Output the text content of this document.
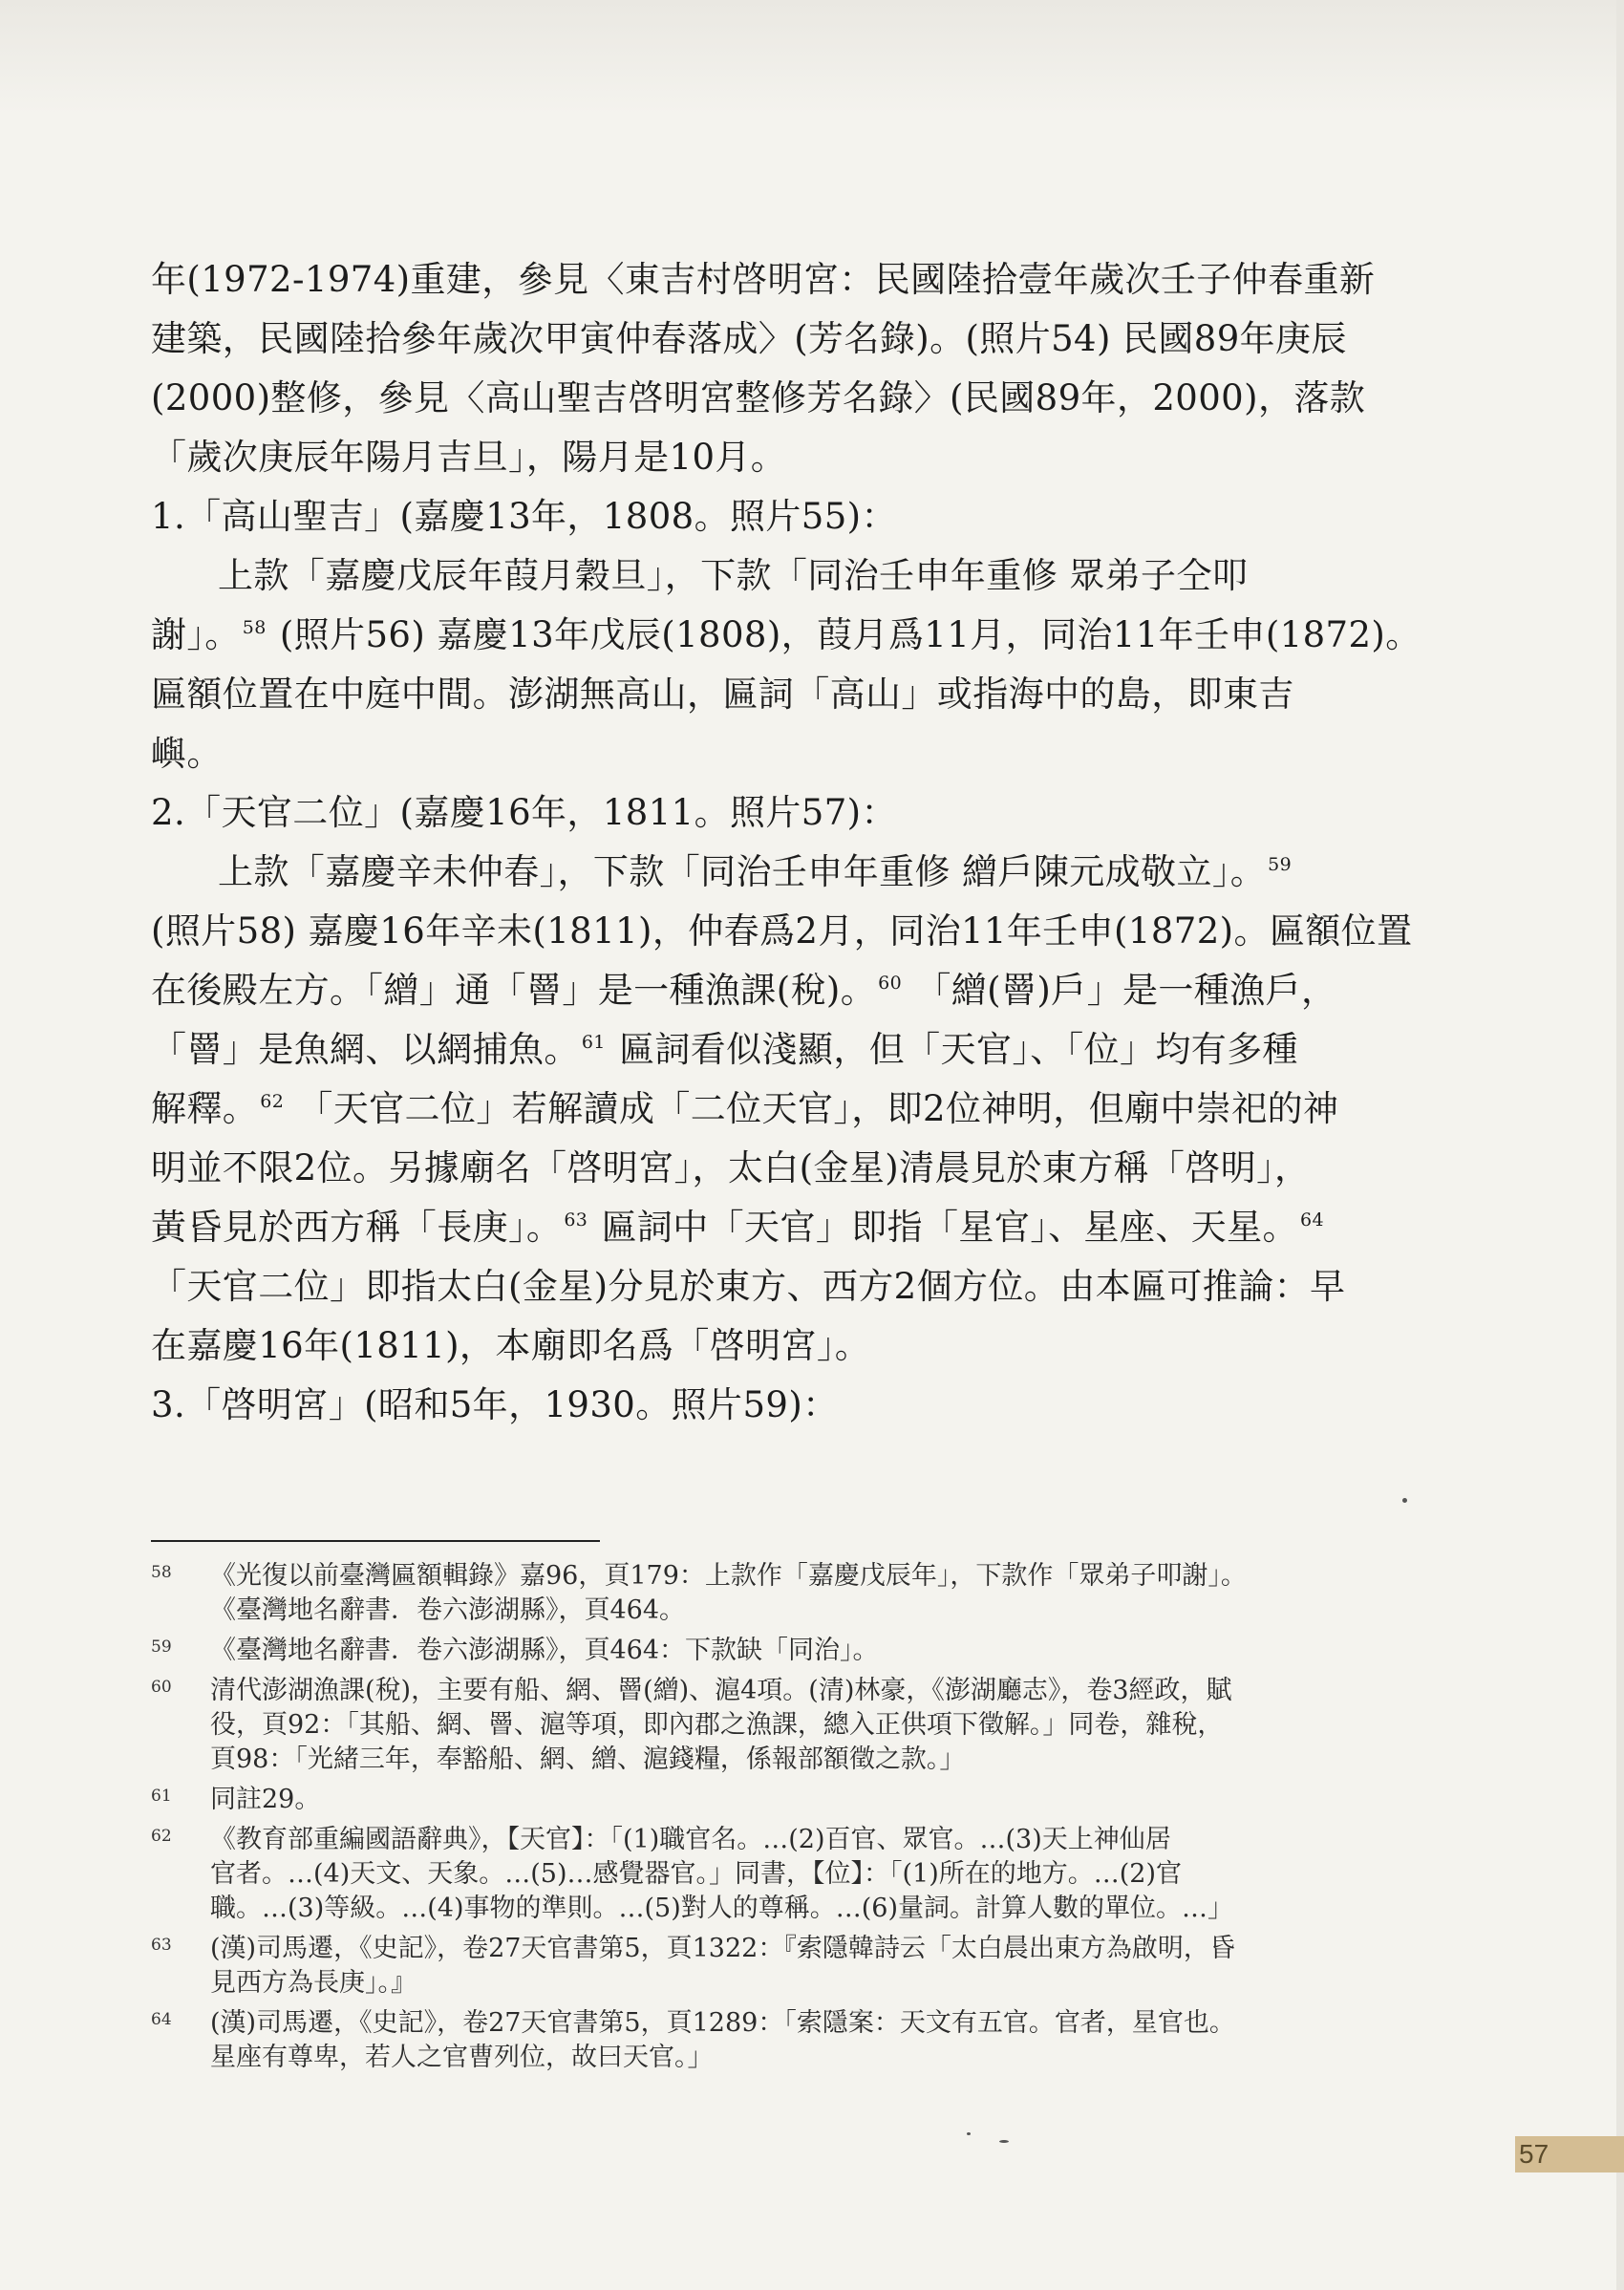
年(1972-1974)重建，參見〈東吉村啓明宮：民國陸拾壹年歲次壬子仲春重新
建築，民國陸拾參年歲次甲寅仲春落成〉(芳名錄)。(照片54) 民國89年庚辰
(2000)整修，參見〈高山聖吉啓明宮整修芳名錄〉(民國89年，2000)，落款
「歲次庚辰年陽月吉旦」，陽月是10月。
1.「高山聖吉」(嘉慶13年，1808。照片55)：
上款「嘉慶戊辰年葭月穀旦」，下款「同治壬申年重修 眾弟子仝叩
謝」。 $^{58}$ (照片56) 嘉慶13年戊辰(1808)，葭月爲11月，同治11年壬申(1872)。
匾額位置在中庭中間。澎湖無高山，匾詞「高山」或指海中的島，即東吉
嶼。
2.「天官二位」(嘉慶16年，1811。照片57)：
上款「嘉慶辛未仲春」，下款「同治壬申年重修 繒戶陳元成敬立」。 $^{59}$
(照片58) 嘉慶16年辛未(1811)，仲春爲2月，同治11年壬申(1872)。匾額位置
在後殿左方。「繒」通「罾」是一種漁課(稅)。 $^{60}$ 「繒(罾)戶」是一種漁戶，
「罾」是魚網、以網捕魚。 $^{61}$ 匾詞看似淺顯，但「天官」、「位」均有多種
解釋。 $^{62}$ 「天官二位」若解讀成「二位天官」，即2位神明，但廟中崇祀的神
明並不限2位。另據廟名「啓明宮」，太白(金星)清晨見於東方稱「啓明」，
黃昏見於西方稱「長庚」。 $^{63}$ 匾詞中「天官」即指「星官」、星座、天星。 $^{64}$
「天官二位」即指太白(金星)分見於東方、西方2個方位。由本匾可推論：早
在嘉慶16年(1811)，本廟即名爲「啓明宮」。
3.「啓明宮」(昭和5年，1930。照片59)：
58 《光復以前臺灣匾額輯錄》嘉96，頁179：上款作「嘉慶戊辰年」，下款作「眾弟子叩謝」。
《臺灣地名辭書．卷六澎湖縣》，頁464。
59 《臺灣地名辭書．卷六澎湖縣》，頁464：下款缺「同治」。
60 清代澎湖漁課(稅)，主要有船、網、罾(繒)、滬4項。(清)林豪，《澎湖廳志》，卷3經政，賦
役，頁92：「其船、網、罾、滬等項，即內郡之漁課，總入正供項下徵解。」同卷，雜稅，
頁98：「光緒三年，奉豁船、網、繒、滬錢糧，係報部額徵之款。」
61 同註29。
62 《教育部重編國語辭典》，【天官】：「(1)職官名。…(2)百官、眾官。…(3)天上神仙居
官者。…(4)天文、天象。…(5)…感覺器官。」同書，【位】：「(1)所在的地方。…(2)官
職。…(3)等級。…(4)事物的準則。…(5)對人的尊稱。…(6)量詞。計算人數的單位。…」
63 (漢)司馬遷，《史記》，卷27天官書第5，頁1322：『索隱韓詩云「太白晨出東方為啟明，昏
見西方為長庚」。』
64 (漢)司馬遷，《史記》，卷27天官書第5，頁1289：「索隱案：天文有五官。官者，星官也。
星座有尊卑，若人之官曹列位，故曰天官。」
57
